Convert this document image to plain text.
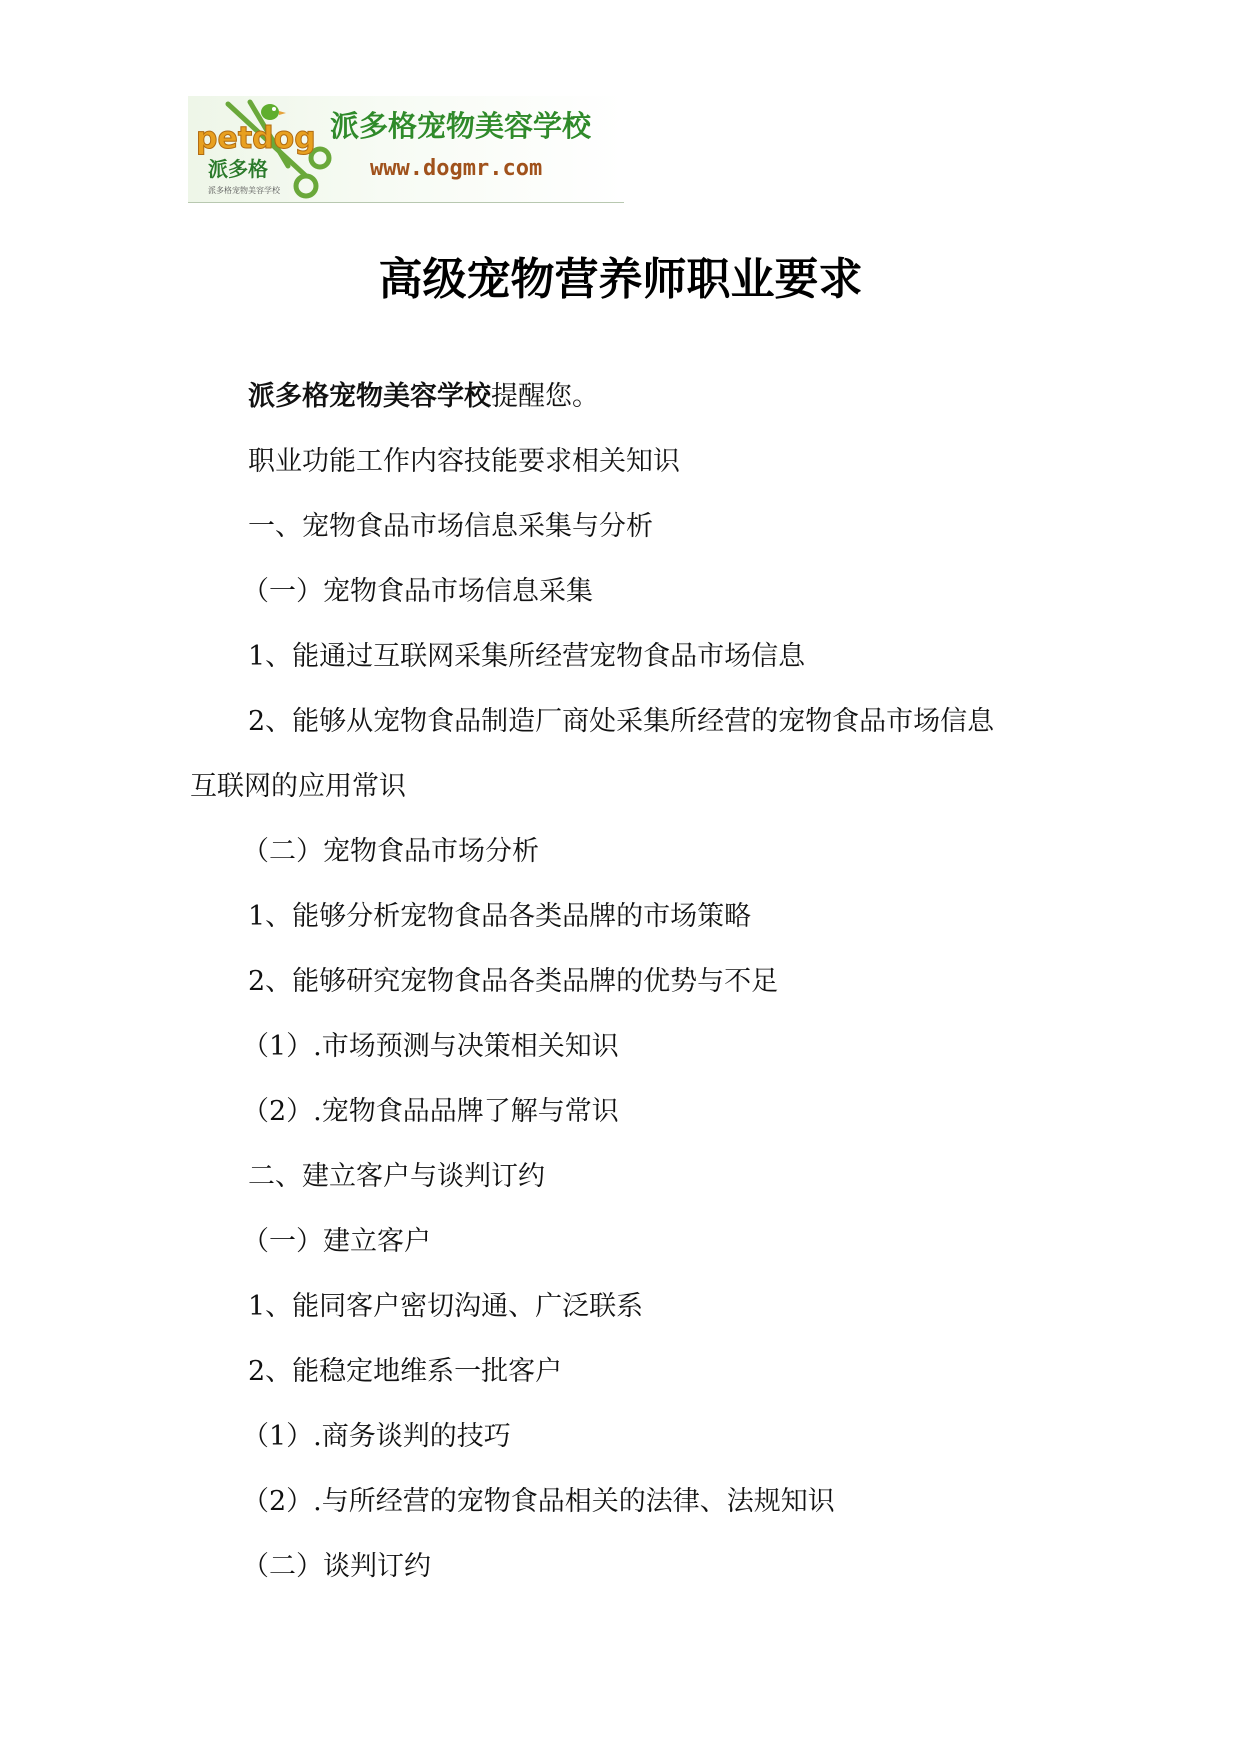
petdog
派多格
派多格宠物美容学校
派多格宠物美容学校
www.dogmr.com
高级宠物营养师职业要求
派多格宠物美容学校提醒您。
职业功能工作内容技能要求相关知识
一、宠物食品市场信息采集与分析
（一）宠物食品市场信息采集
1、能通过互联网采集所经营宠物食品市场信息
2、能够从宠物食品制造厂商处采集所经营的宠物食品市场信息
互联网的应用常识
（二）宠物食品市场分析
1、能够分析宠物食品各类品牌的市场策略
2、能够研究宠物食品各类品牌的优势与不足
（1）.市场预测与决策相关知识
（2）.宠物食品品牌了解与常识
二、建立客户与谈判订约
（一）建立客户
1、能同客户密切沟通、广泛联系
2、能稳定地维系一批客户
（1）.商务谈判的技巧
（2）.与所经营的宠物食品相关的法律、法规知识
（二）谈判订约
